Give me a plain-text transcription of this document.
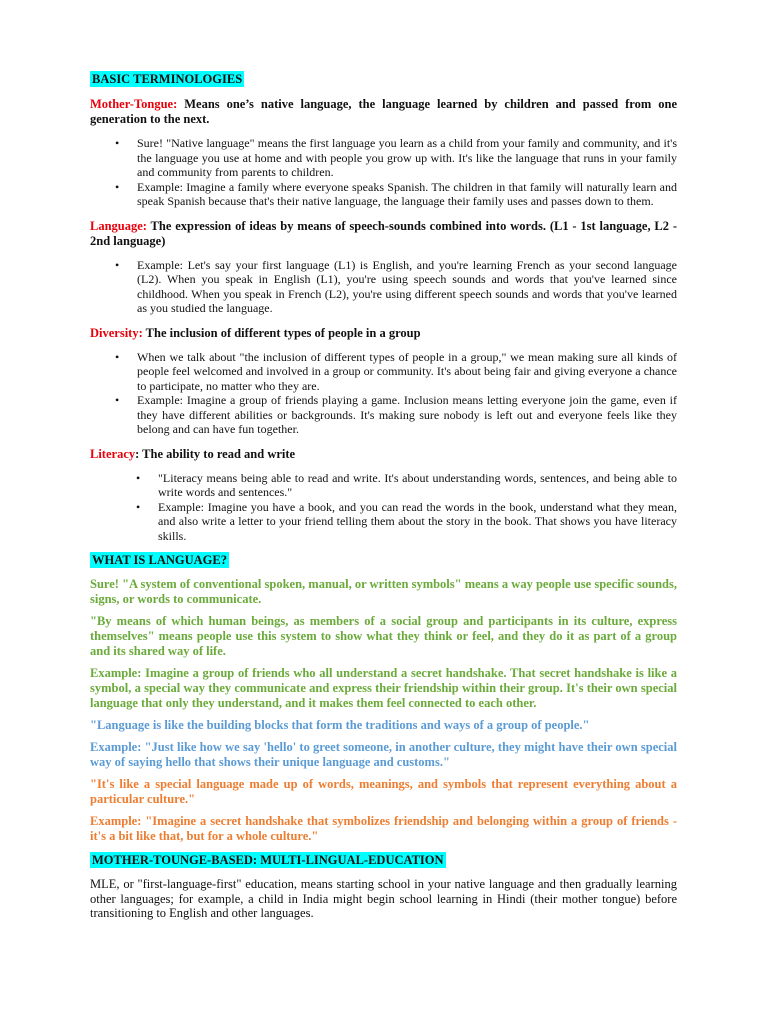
BASIC TERMINOLOGIES

Mother-Tongue: Means one’s native language, the language learned by children and passed from one generation to the next.

• Sure! "Native language" means the first language you learn as a child from your family and community, and it's the language you use at home and with people you grow up with. It's like the language that runs in your family and community from parents to children.
• Example: Imagine a family where everyone speaks Spanish. The children in that family will naturally learn and speak Spanish because that's their native language, the language their family uses and passes down to them.

Language: The expression of ideas by means of speech-sounds combined into words. (L1 - 1st language, L2 - 2nd language)

• Example: Let's say your first language (L1) is English, and you're learning French as your second language (L2). When you speak in English (L1), you're using speech sounds and words that you've learned since childhood. When you speak in French (L2), you're using different speech sounds and words that you've learned as you studied the language.

Diversity: The inclusion of different types of people in a group

• When we talk about "the inclusion of different types of people in a group," we mean making sure all kinds of people feel welcomed and involved in a group or community. It's about being fair and giving everyone a chance to participate, no matter who they are.
• Example: Imagine a group of friends playing a game. Inclusion means letting everyone join the game, even if they have different abilities or backgrounds. It's making sure nobody is left out and everyone feels like they belong and can have fun together.

Literacy: The ability to read and write

• "Literacy means being able to read and write. It's about understanding words, sentences, and being able to write words and sentences."
• Example: Imagine you have a book, and you can read the words in the book, understand what they mean, and also write a letter to your friend telling them about the story in the book. That shows you have literacy skills.
WHAT IS LANGUAGE?

Sure! "A system of conventional spoken, manual, or written symbols" means a way people use specific sounds, signs, or words to communicate.

"By means of which human beings, as members of a social group and participants in its culture, express themselves" means people use this system to show what they think or feel, and they do it as part of a group and its shared way of life.

Example: Imagine a group of friends who all understand a secret handshake. That secret handshake is like a symbol, a special way they communicate and express their friendship within their group. It's their own special language that only they understand, and it makes them feel connected to each other.

"Language is like the building blocks that form the traditions and ways of a group of people."

Example: "Just like how we say 'hello' to greet someone, in another culture, they might have their own special way of saying hello that shows their unique language and customs."

"It's like a special language made up of words, meanings, and symbols that represent everything about a particular culture."

Example: "Imagine a secret handshake that symbolizes friendship and belonging within a group of friends - it's a bit like that, but for a whole culture."

MOTHER-TOUNGE-BASED: MULTI-LINGUAL-EDUCATION

MLE, or "first-language-first" education, means starting school in your native language and then gradually learning other languages; for example, a child in India might begin school learning in Hindi (their mother tongue) before transitioning to English and other languages.
